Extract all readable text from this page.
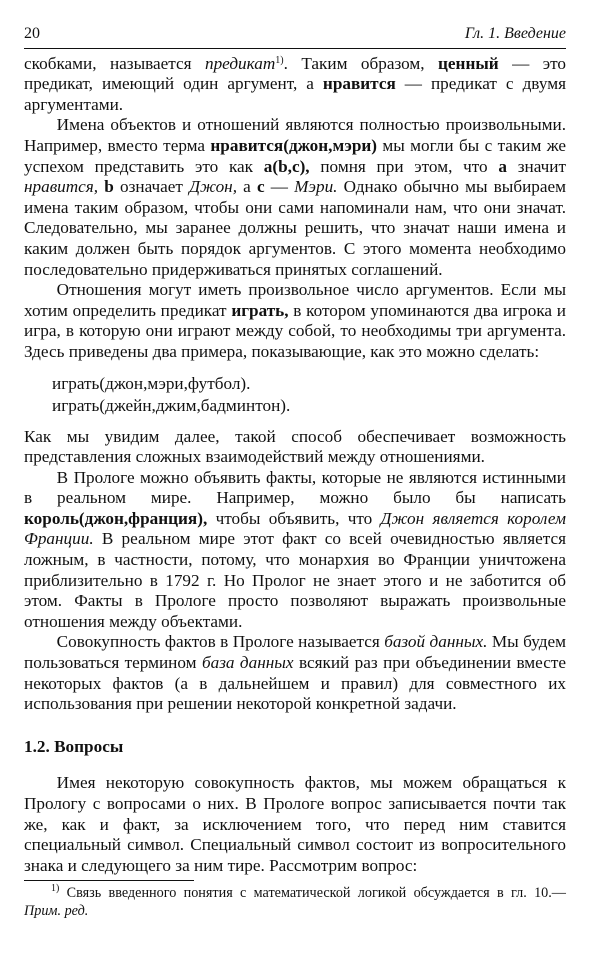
20	Гл. 1. Введение

скобками, называется предикат$^{1)}$. Таким образом, ценный — это предикат, имеющий один аргумент, а нравится — предикат с двумя аргументами.

Имена объектов и отношений являются полностью произвольными. Например, вместо терма нравится(джон,мэри) мы могли бы с таким же успехом представить это как a(b,c), помня при этом, что a значит нравится, b означает Джон, а c — Мэри. Однако обычно мы выбираем имена таким образом, чтобы они сами напоминали нам, что они значат. Следовательно, мы заранее должны решить, что значат наши имена и каким должен быть порядок аргументов. С этого момента необходимо последовательно придерживаться принятых соглашений.

Отношения могут иметь произвольное число аргументов. Если мы хотим определить предикат играть, в котором упоминаются два игрока и игра, в которую они играют между собой, то необходимы три аргумента. Здесь приведены два примера, показывающие, как это можно сделать:

играть(джон,мэри,футбол).
играть(джейн,джим,бадминтон).

Как мы увидим далее, такой способ обеспечивает возможность представления сложных взаимодействий между отношениями.

В Прологе можно объявить факты, которые не являются истинными в реальном мире. Например, можно было бы написать король(джон,франция), чтобы объявить, что Джон является королем Франции. В реальном мире этот факт со всей очевидностью является ложным, в частности, потому, что монархия во Франции уничтожена приблизительно в 1792 г. Но Пролог не знает этого и не заботится об этом. Факты в Прологе просто позволяют выражать произвольные отношения между объектами.

Совокупность фактов в Прологе называется базой данных. Мы будем пользоваться термином база данных всякий раз при объединении вместе некоторых фактов (а в дальнейшем и правил) для совместного их использования при решении некоторой конкретной задачи.

1.2. Вопросы

Имея некоторую совокупность фактов, мы можем обращаться к Прологу с вопросами о них. В Прологе вопрос записывается почти так же, как и факт, за исключением того, что перед ним ставится специальный символ. Специальный символ состоит из вопросительного знака и следующего за ним тире. Рассмотрим вопрос:

$^{1)}$ Связь введенного понятия с математической логикой обсуждается в гл. 10.— Прим. ред.
